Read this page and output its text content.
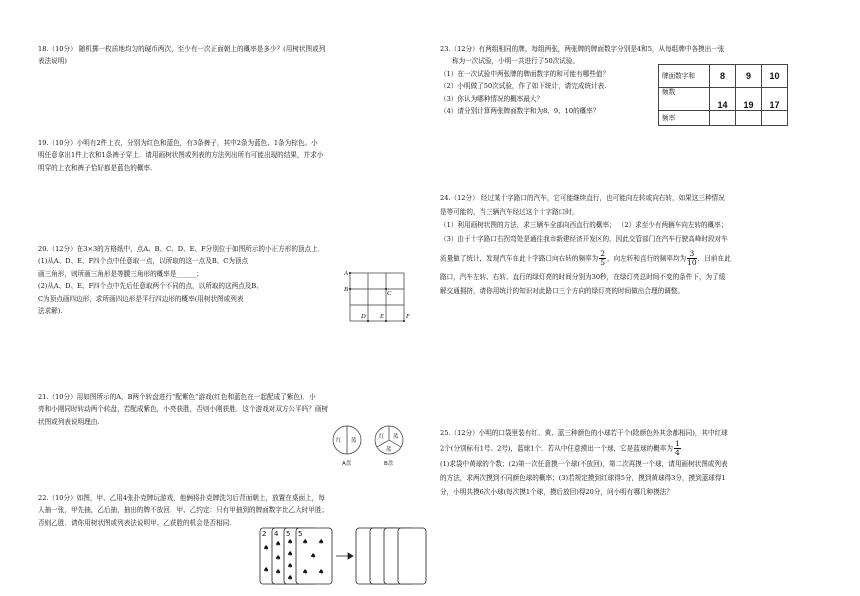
18.（10分） 随机掷一枚质地均匀的硬币两次，至少有一次正面朝上的概率是多少？(用树状图或列

表法说明)

19.（10分）小明有2件上衣，分别为红色和蓝色，有3条裤子，其中2条为蓝色、1条为棕色。小

明任意拿出1件上衣和1条裤子穿上．请用画树状图或列表的方法列出所有可能出现的结果，并求小

明穿的上衣和裤子恰好都是蓝色的概率.

20.（12分）在3×3的方格纸中，点A、B、C、D、E、F分别位于如图所示的小正方形的顶点上．

(1)从A、D、E、F四个点中任意取一点，以所取的这一点及B、C为顶点

画三角形，则所画三角形是等腰三角形的概率是______；

(2)从A、D、E、F四个点中先后任意取两个不同的点，以所取的这两点及B、

C为顶点画四边形，求所画四边形是平行四边形的概率(用树状图或列表

法求解).

A
B
C
D E	F

21.（10分）用如图所示的A，B两个转盘进行“配紫色”游戏(红色和蓝色在一起配成了紫色)．小

亮和小刚同时转动两个转盘，若配成紫色，小亮获胜，否则小刚获胜．这个游戏对双方公平吗？画树

状图或列表说明理由.

红 蓝
A盘
红 蓝
蓝
B盘

22.（10分）如图，甲、乙用4张扑克牌玩游戏，他俩将扑克牌洗匀后背面朝上，放置在桌面上，每

人抽一张，甲先抽，乙后抽，抽出的牌不放回．甲、乙约定：只有甲抽到的牌面数字比乙大时甲胜；

否则乙胜．请你用树状图或列表法说明甲、乙获胜的机会是否相同.

2 4 5 5
♠
♠
♠
♠
♠
♠
♠
♠
♠
♠ ♠
♠
♠ ♠

23.（12分）有两组相同的牌，每组两张，两张牌的牌面数字分别是4和5，从每组牌中各摸出一张

称为一次试验，小明一共进行了50次试验。

（1）在一次试验中两张牌的牌面数字的和可能有哪些值？

（2）小明做了50次试验，作了如下统计，请完成统计表.

（3）你认为哪种情况的概率最大？

（4）请分别计算两张牌面数字和为8、9、10的概率？

牌面数字和	8	9	10
频数	14	19	17
频率			

24.（12分） 经过某十字路口的汽车，它可能继续直行，也可能向左转或向右转，如果这三种情况

是等可能的，当三辆汽车经过这个十字路口时，

（1）利用画树状图的方法，求三辆车全部向西直行的概率； （2）求至少有两辆车向左转的概率；

（3）由于十字路口右拐弯处是通往我市新建经济开发区的，因此交管部门在汽车行驶高峰时段对车

流量做了统计，发现汽车在此十字路口向右转的频率为 $\frac{2}{5}$ ，向左转和直行的频率均为 $\frac{3}{10}$ ．目前在此

路口，汽车左转、右转、直行的绿灯亮的时间分别为30秒，在绿灯亮总时间不变的条件下，为了缓

解交通拥挤，请你用统计的知识对此路口三个方向的绿灯亮的时间做出合理的调整。

25.（12分）小明的口袋里装有红、黄、蓝三种颜色的小球若干个(除颜色外其余都相同)，其中红球

2个(分别标有1号、2号)，蓝球1个．若从中任意摸出一个球，它是蓝球的概率为 $\frac{1}{4}$

(1)求袋中黄球的个数；(2)第一次任意摸一个球(不放回)，第二次再摸一个球，请用画树状图或列表

的方法，求两次摸到不同颜色球的概率；(3)若规定摸到红球得5分，摸到黄球得3分，摸到蓝球得1

分，小明共摸6次小球(每次摸1个球，摸后放回)得20分，问小明有哪几种摸法？
